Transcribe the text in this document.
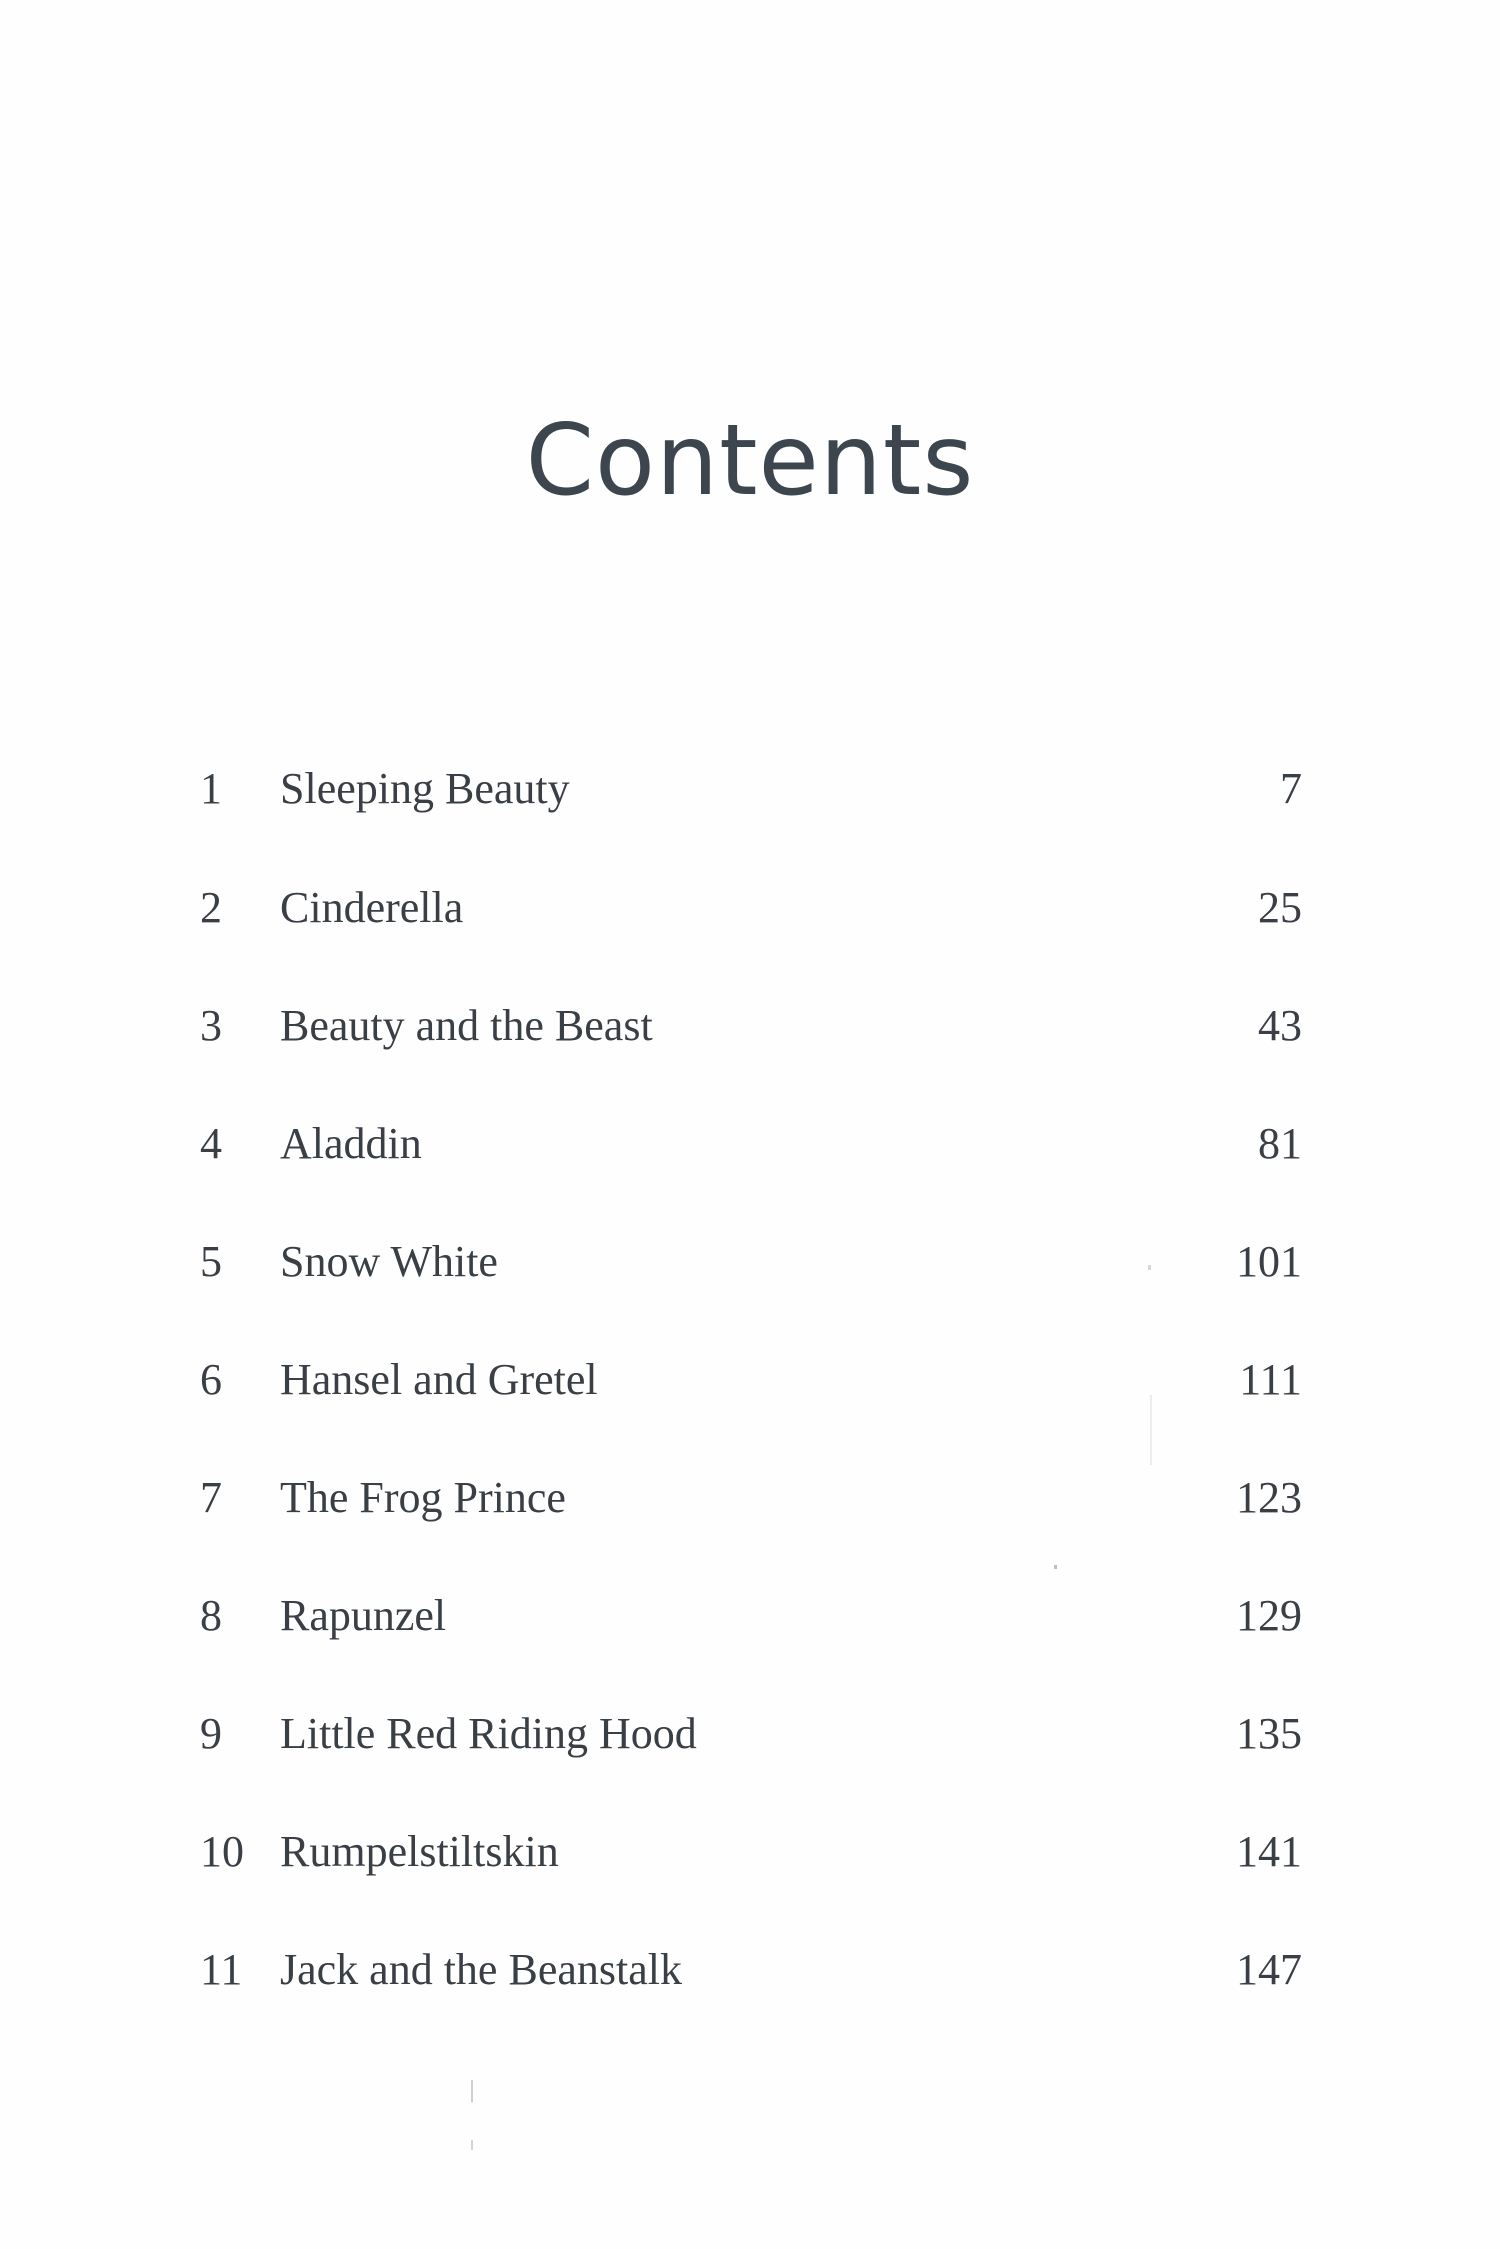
Contents
1 Sleeping Beauty	7
2 Cinderella	25
3 Beauty and the Beast	43
4 Aladdin	81
5 Snow White	101
6 Hansel and Gretel	111
7 The Frog Prince	123
8 Rapunzel	129
9 Little Red Riding Hood	135
10 Rumpelstiltskin	141
11 Jack and the Beanstalk	147
